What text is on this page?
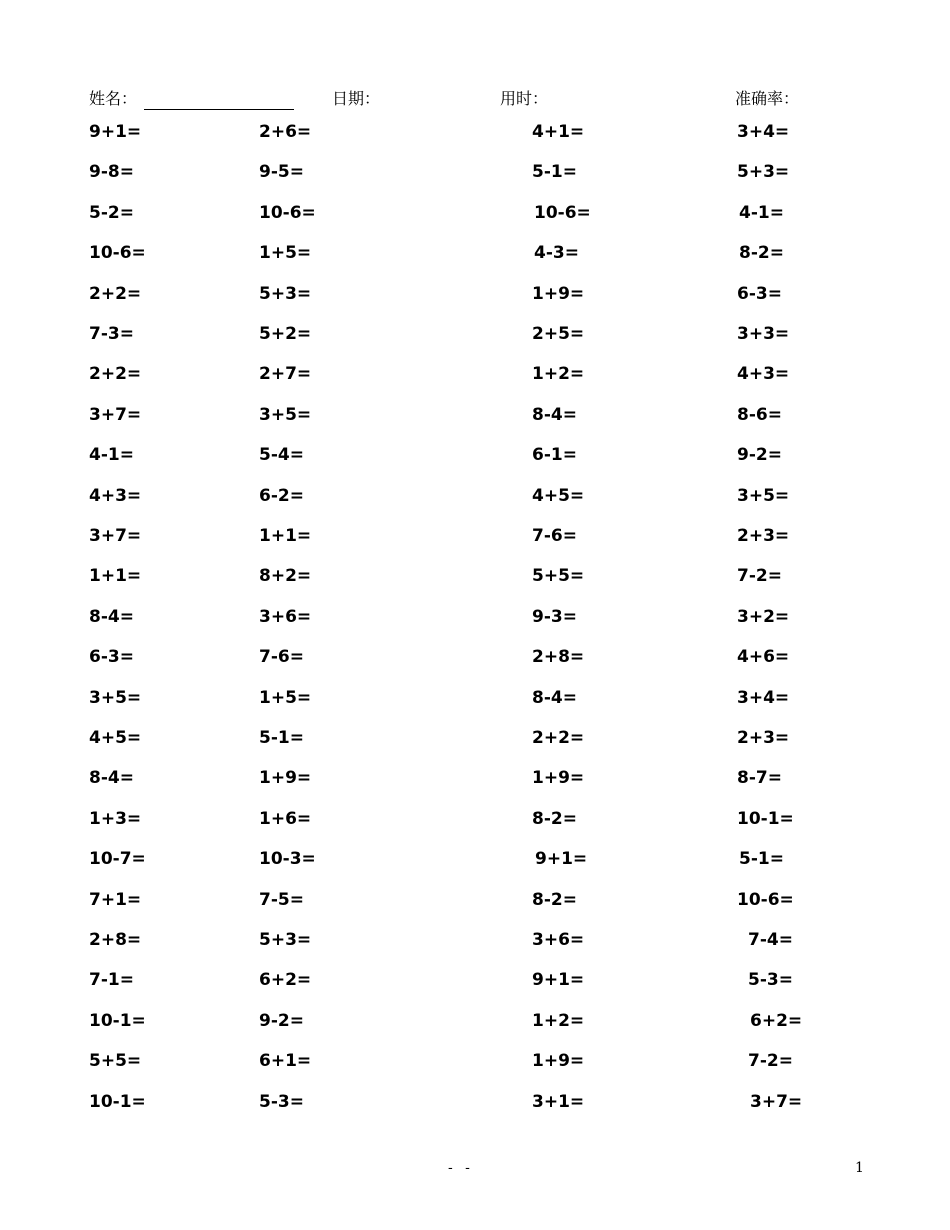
姓名：	日期：	用时：	准确率：
9+1=	2+6=	4+1=	3+4=
9-8=	9-5=	5-1=	5+3=
5-2=	10-6=	10-6=	4-1=
10-6=	1+5=	4-3=	8-2=
2+2=	5+3=	1+9=	6-3=
7-3=	5+2=	2+5=	3+3=
2+2=	2+7=	1+2=	4+3=
3+7=	3+5=	8-4=	8-6=
4-1=	5-4=	6-1=	9-2=
4+3=	6-2=	4+5=	3+5=
3+7=	1+1=	7-6=	2+3=
1+1=	8+2=	5+5=	7-2=
8-4=	3+6=	9-3=	3+2=
6-3=	7-6=	2+8=	4+6=
3+5=	1+5=	8-4=	3+4=
4+5=	5-1=	2+2=	2+3=
8-4=	1+9=	1+9=	8-7=
1+3=	1+6=	8-2=	10-1=
10-7=	10-3=	9+1=	5-1=
7+1=	7-5=	8-2=	10-6=
2+8=	5+3=	3+6=	7-4=
7-1=	6+2=	9+1=	5-3=
10-1=	9-2=	1+2=	6+2=
5+5=	6+1=	1+9=	7-2=
10-1=	5-3=	3+1=	3+7=
- -	1
